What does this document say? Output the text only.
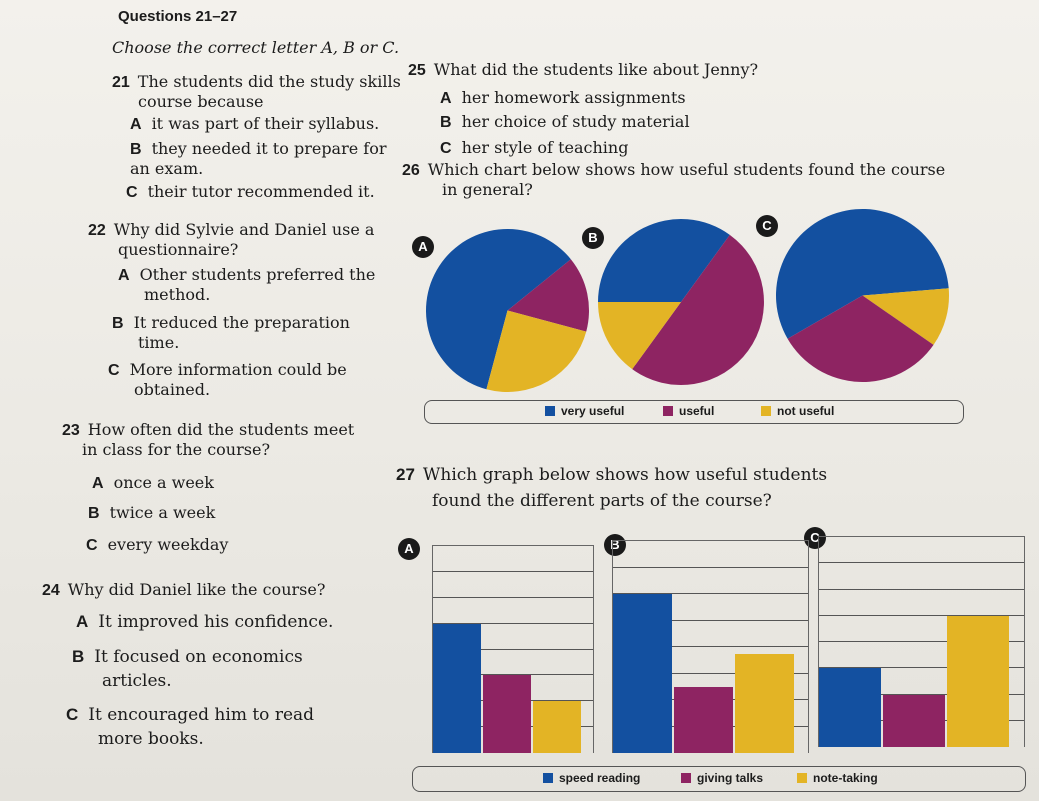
Questions 21–27
Choose the correct letter A, B or C.
21 The students did the study skills
course because
A it was part of their syllabus.
B they needed it to prepare for
an exam.
C their tutor recommended it.
22 Why did Sylvie and Daniel use a
questionnaire?
A Other students preferred the
method.
B It reduced the preparation
time.
C More information could be
obtained.
23 How often did the students meet
in class for the course?
A once a week
B twice a week
C every weekday
24 Why did Daniel like the course?
A It improved his confidence.
B It focused on economics
articles.
C It encouraged him to read
more books.
25 What did the students like about Jenny?
A her homework assignments
B her choice of study material
C her style of teaching
26 Which chart below shows how useful students found the course
in general?
A
B
C
very useful	useful	not useful
27 Which graph below shows how useful students
found the different parts of the course?
A	B	C
speed reading	giving talks	note-taking
